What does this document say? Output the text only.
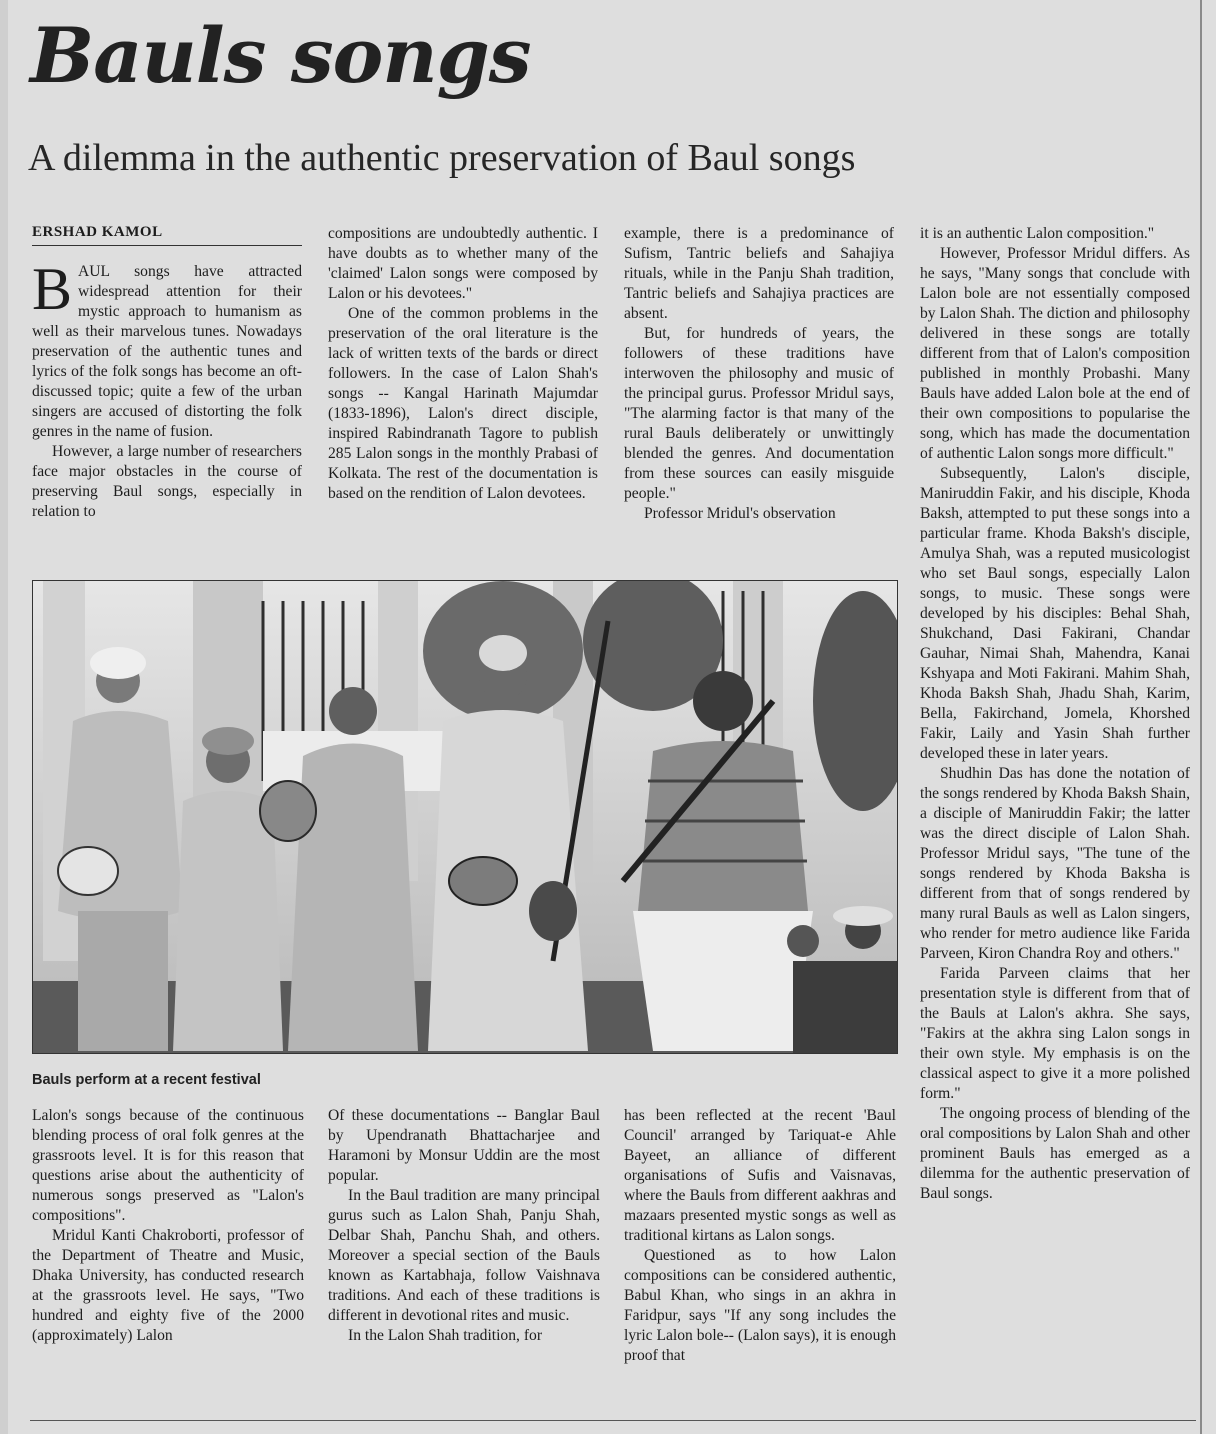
Bauls songs
A dilemma in the authentic preservation of Baul songs
ERSHAD KAMOL

BAUL songs have attracted widespread attention for their mystic approach to humanism as well as their marvelous tunes. Nowadays preservation of the authentic tunes and lyrics of the folk songs has become an oft-discussed topic; quite a few of the urban singers are accused of distorting the folk genres in the name of fusion.

However, a large number of researchers face major obstacles in the course of preserving Baul songs, especially in relation to

compositions are undoubtedly authentic. I have doubts as to whether many of the 'claimed' Lalon songs were composed by Lalon or his devotees."

One of the common problems in the preservation of the oral literature is the lack of written texts of the bards or direct followers. In the case of Lalon Shah's songs -- Kangal Harinath Majumdar (1833-1896), Lalon's direct disciple, inspired Rabindranath Tagore to publish 285 Lalon songs in the monthly Prabasi of Kolkata. The rest of the documentation is based on the rendition of Lalon devotees.

example, there is a predominance of Sufism, Tantric beliefs and Sahajiya rituals, while in the Panju Shah tradition, Tantric beliefs and Sahajiya practices are absent.

But, for hundreds of years, the followers of these traditions have interwoven the philosophy and music of the principal gurus. Professor Mridul says, "The alarming factor is that many of the rural Bauls deliberately or unwittingly blended the genres. And documentation from these sources can easily misguide people."

Professor Mridul's observation

it is an authentic Lalon composition."

However, Professor Mridul differs. As he says, "Many songs that conclude with Lalon bole are not essentially composed by Lalon Shah. The diction and philosophy delivered in these songs are totally different from that of Lalon's composition published in monthly Probashi. Many Bauls have added Lalon bole at the end of their own compositions to popularise the song, which has made the documentation of authentic Lalon songs more difficult."

Subsequently, Lalon's disciple, Maniruddin Fakir, and his disciple, Khoda Baksh, attempted to put these songs into a particular frame. Khoda Baksh's disciple, Amulya Shah, was a reputed musicologist who set Baul songs, especially Lalon songs, to music. These songs were developed by his disciples: Behal Shah, Shukchand, Dasi Fakirani, Chandar Gauhar, Nimai Shah, Mahendra, Kanai Kshyapa and Moti Fakirani. Mahim Shah, Khoda Baksh Shah, Jhadu Shah, Karim, Bella, Fakirchand, Jomela, Khorshed Fakir, Laily and Yasin Shah further developed these in later years.

Shudhin Das has done the notation of the songs rendered by Khoda Baksh Shain, a disciple of Maniruddin Fakir; the latter was the direct disciple of Lalon Shah. Professor Mridul says, "The tune of the songs rendered by Khoda Baksha is different from that of songs rendered by many rural Bauls as well as Lalon singers, who render for metro audience like Farida Parveen, Kiron Chandra Roy and others."

Farida Parveen claims that her presentation style is different from that of the Bauls at Lalon's akhra. She says, "Fakirs at the akhra sing Lalon songs in their own style. My emphasis is on the classical aspect to give it a more polished form."

The ongoing process of blending of the oral compositions by Lalon Shah and other prominent Bauls has emerged as a dilemma for the authentic preservation of Baul songs.

Bauls perform at a recent festival

Lalon's songs because of the continuous blending process of oral folk genres at the grassroots level. It is for this reason that questions arise about the authenticity of numerous songs preserved as "Lalon's compositions".

Mridul Kanti Chakroborti, professor of the Department of Theatre and Music, Dhaka University, has conducted research at the grassroots level. He says, "Two hundred and eighty five of the 2000 (approximately) Lalon

Of these documentations -- Banglar Baul by Upendranath Bhattacharjee and Haramoni by Monsur Uddin are the most popular.

In the Baul tradition are many principal gurus such as Lalon Shah, Panju Shah, Delbar Shah, Panchu Shah, and others. Moreover a special section of the Bauls known as Kartabhaja, follow Vaishnava traditions. And each of these traditions is different in devotional rites and music.

In the Lalon Shah tradition, for

has been reflected at the recent 'Baul Council' arranged by Tariquat-e Ahle Bayeet, an alliance of different organisations of Sufis and Vaisnavas, where the Bauls from different aakhras and mazaars presented mystic songs as well as traditional kirtans as Lalon songs.

Questioned as to how Lalon compositions can be considered authentic, Babul Khan, who sings in an akhra in Faridpur, says "If any song includes the lyric Lalon bole-- (Lalon says), it is enough proof that
